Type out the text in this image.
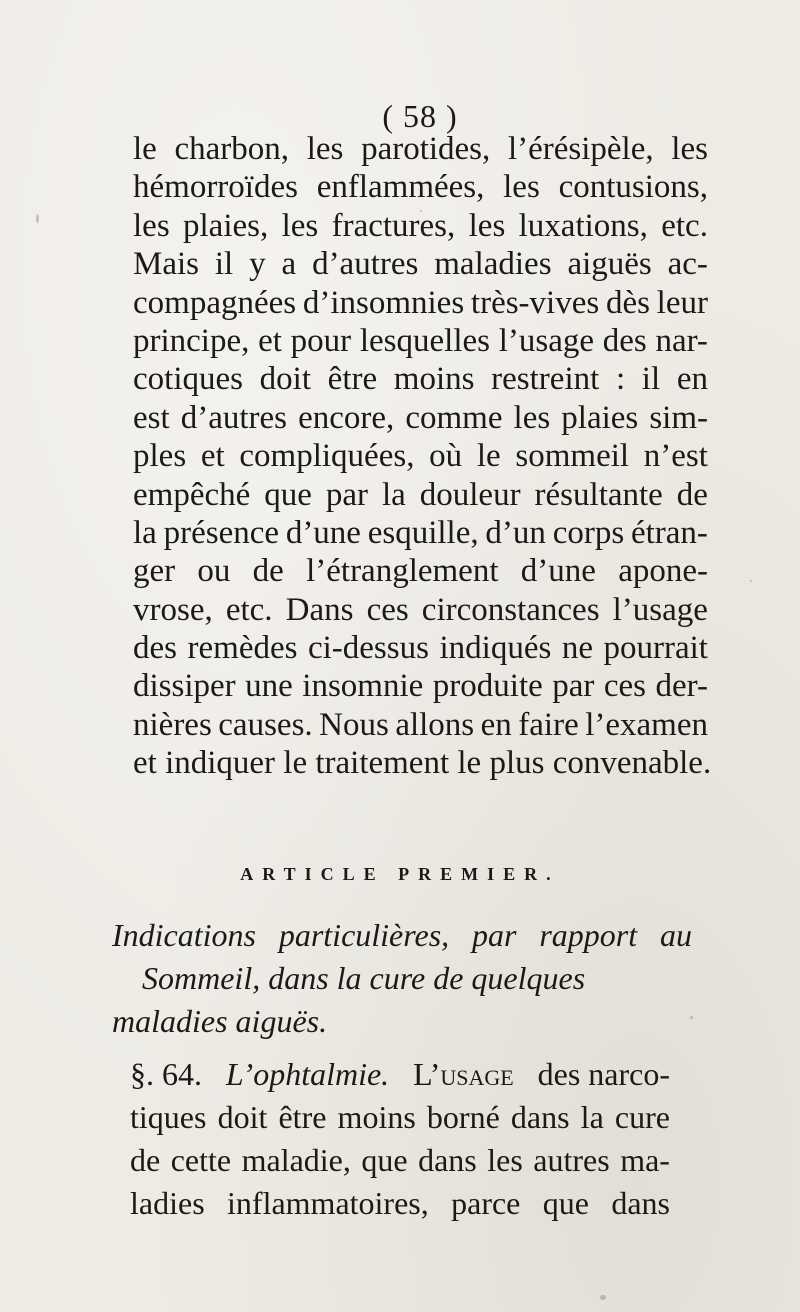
( 58 )
le charbon, les parotides, l’érésipèle, les
hémorroïdes enflammées, les contusions,
les plaies, les fractures, les luxations, etc.
Mais il y a d’autres maladies aiguës ac-
compagnées d’insomnies très-vives dès leur
principe, et pour lesquelles l’usage des nar-
cotiques doit être moins restreint : il en
est d’autres encore, comme les plaies sim-
ples et compliquées, où le sommeil n’est
empêché que par la douleur résultante de
la présence d’une esquille, d’un corps étran-
ger ou de l’étranglement d’une apone-
vrose, etc. Dans ces circonstances l’usage
des remèdes ci-dessus indiqués ne pourrait
dissiper une insomnie produite par ces der-
nières causes. Nous allons en faire l’examen
et indiquer le traitement le plus convenable.
ARTICLE PREMIER.
Indications particulières, par rapport au
Sommeil, dans la cure de quelques
maladies aiguës.
§. 64. L’ophtalmie. L’usage des narco-
tiques doit être moins borné dans la cure
de cette maladie, que dans les autres ma-
ladies inflammatoires, parce que dans
